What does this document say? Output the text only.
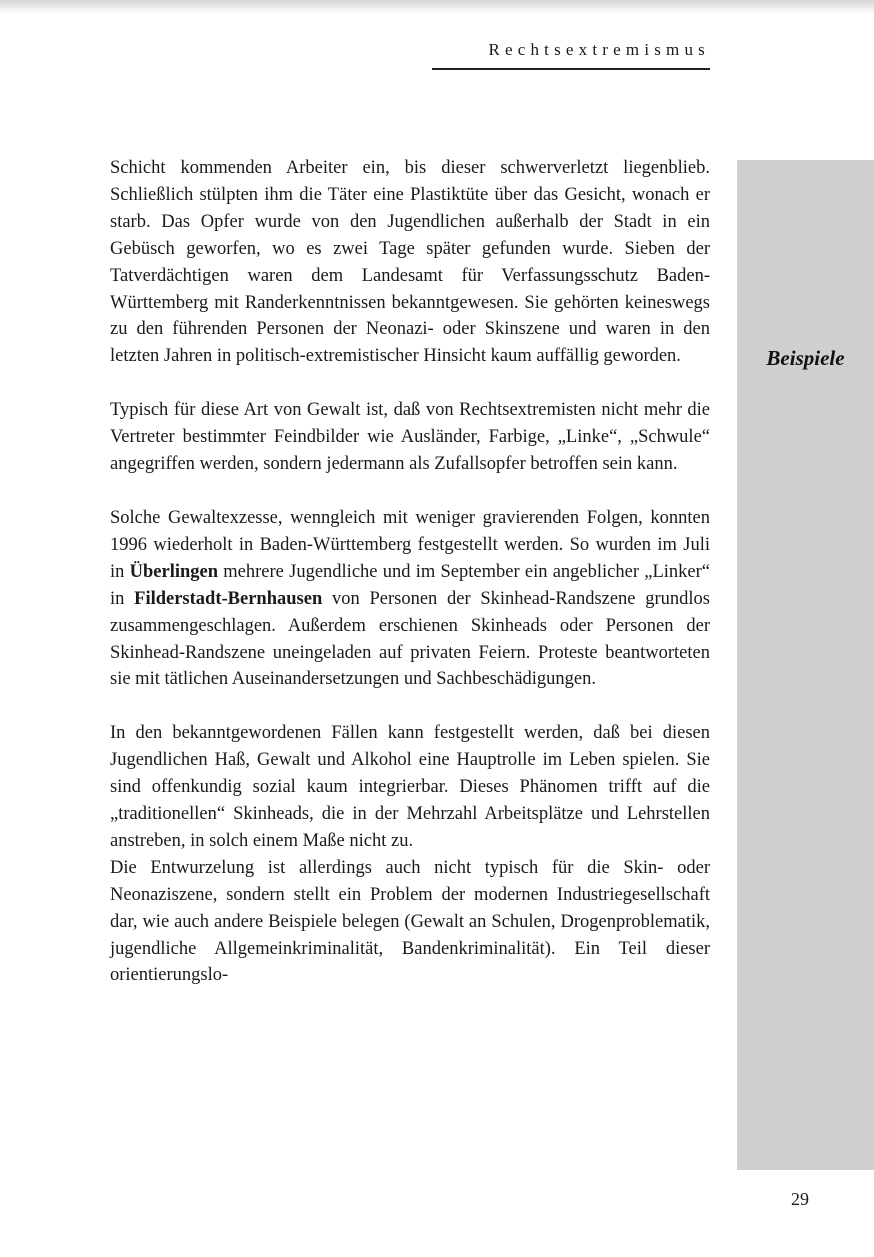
Rechtsextremismus
Beispiele

Schicht kommenden Arbeiter ein, bis dieser schwerverletzt liegenblieb. Schließlich stülpten ihm die Täter eine Plastiktüte über das Gesicht, wonach er starb. Das Opfer wurde von den Jugendlichen außerhalb der Stadt in ein Gebüsch geworfen, wo es zwei Tage später gefunden wurde. Sieben der Tatverdächtigen waren dem Landesamt für Verfassungsschutz Baden-Württemberg mit Randerkenntnissen bekanntgewesen. Sie gehörten keineswegs zu den führenden Personen der Neonazi- oder Skinszene und waren in den letzten Jahren in politisch-extremistischer Hinsicht kaum auffällig geworden.

Typisch für diese Art von Gewalt ist, daß von Rechtsextremisten nicht mehr die Vertreter bestimmter Feindbilder wie Ausländer, Farbige, „Linke“, „Schwule“ angegriffen werden, sondern jedermann als Zufallsopfer betroffen sein kann.

Solche Gewaltexzesse, wenngleich mit weniger gravierenden Folgen, konnten 1996 wiederholt in Baden-Württemberg festgestellt werden. So wurden im Juli in Überlingen mehrere Jugendliche und im September ein angeblicher „Linker“ in Filderstadt-Bernhausen von Personen der Skinhead-Randszene grundlos zusammengeschlagen. Außerdem erschienen Skinheads oder Personen der Skinhead-Randszene uneingeladen auf privaten Feiern. Proteste beantworteten sie mit tätlichen Auseinandersetzungen und Sachbeschädigungen.

In den bekanntgewordenen Fällen kann festgestellt werden, daß bei diesen Jugendlichen Haß, Gewalt und Alkohol eine Hauptrolle im Leben spielen. Sie sind offenkundig sozial kaum integrierbar. Dieses Phänomen trifft auf die „traditionellen“ Skinheads, die in der Mehrzahl Arbeitsplätze und Lehrstellen anstreben, in solch einem Maße nicht zu.

Die Entwurzelung ist allerdings auch nicht typisch für die Skin- oder Neonaziszene, sondern stellt ein Problem der modernen Industriegesellschaft dar, wie auch andere Beispiele belegen (Gewalt an Schulen, Drogenproblematik, jugendliche Allgemeinkriminalität, Bandenkriminalität). Ein Teil dieser orientierungslo-

29
